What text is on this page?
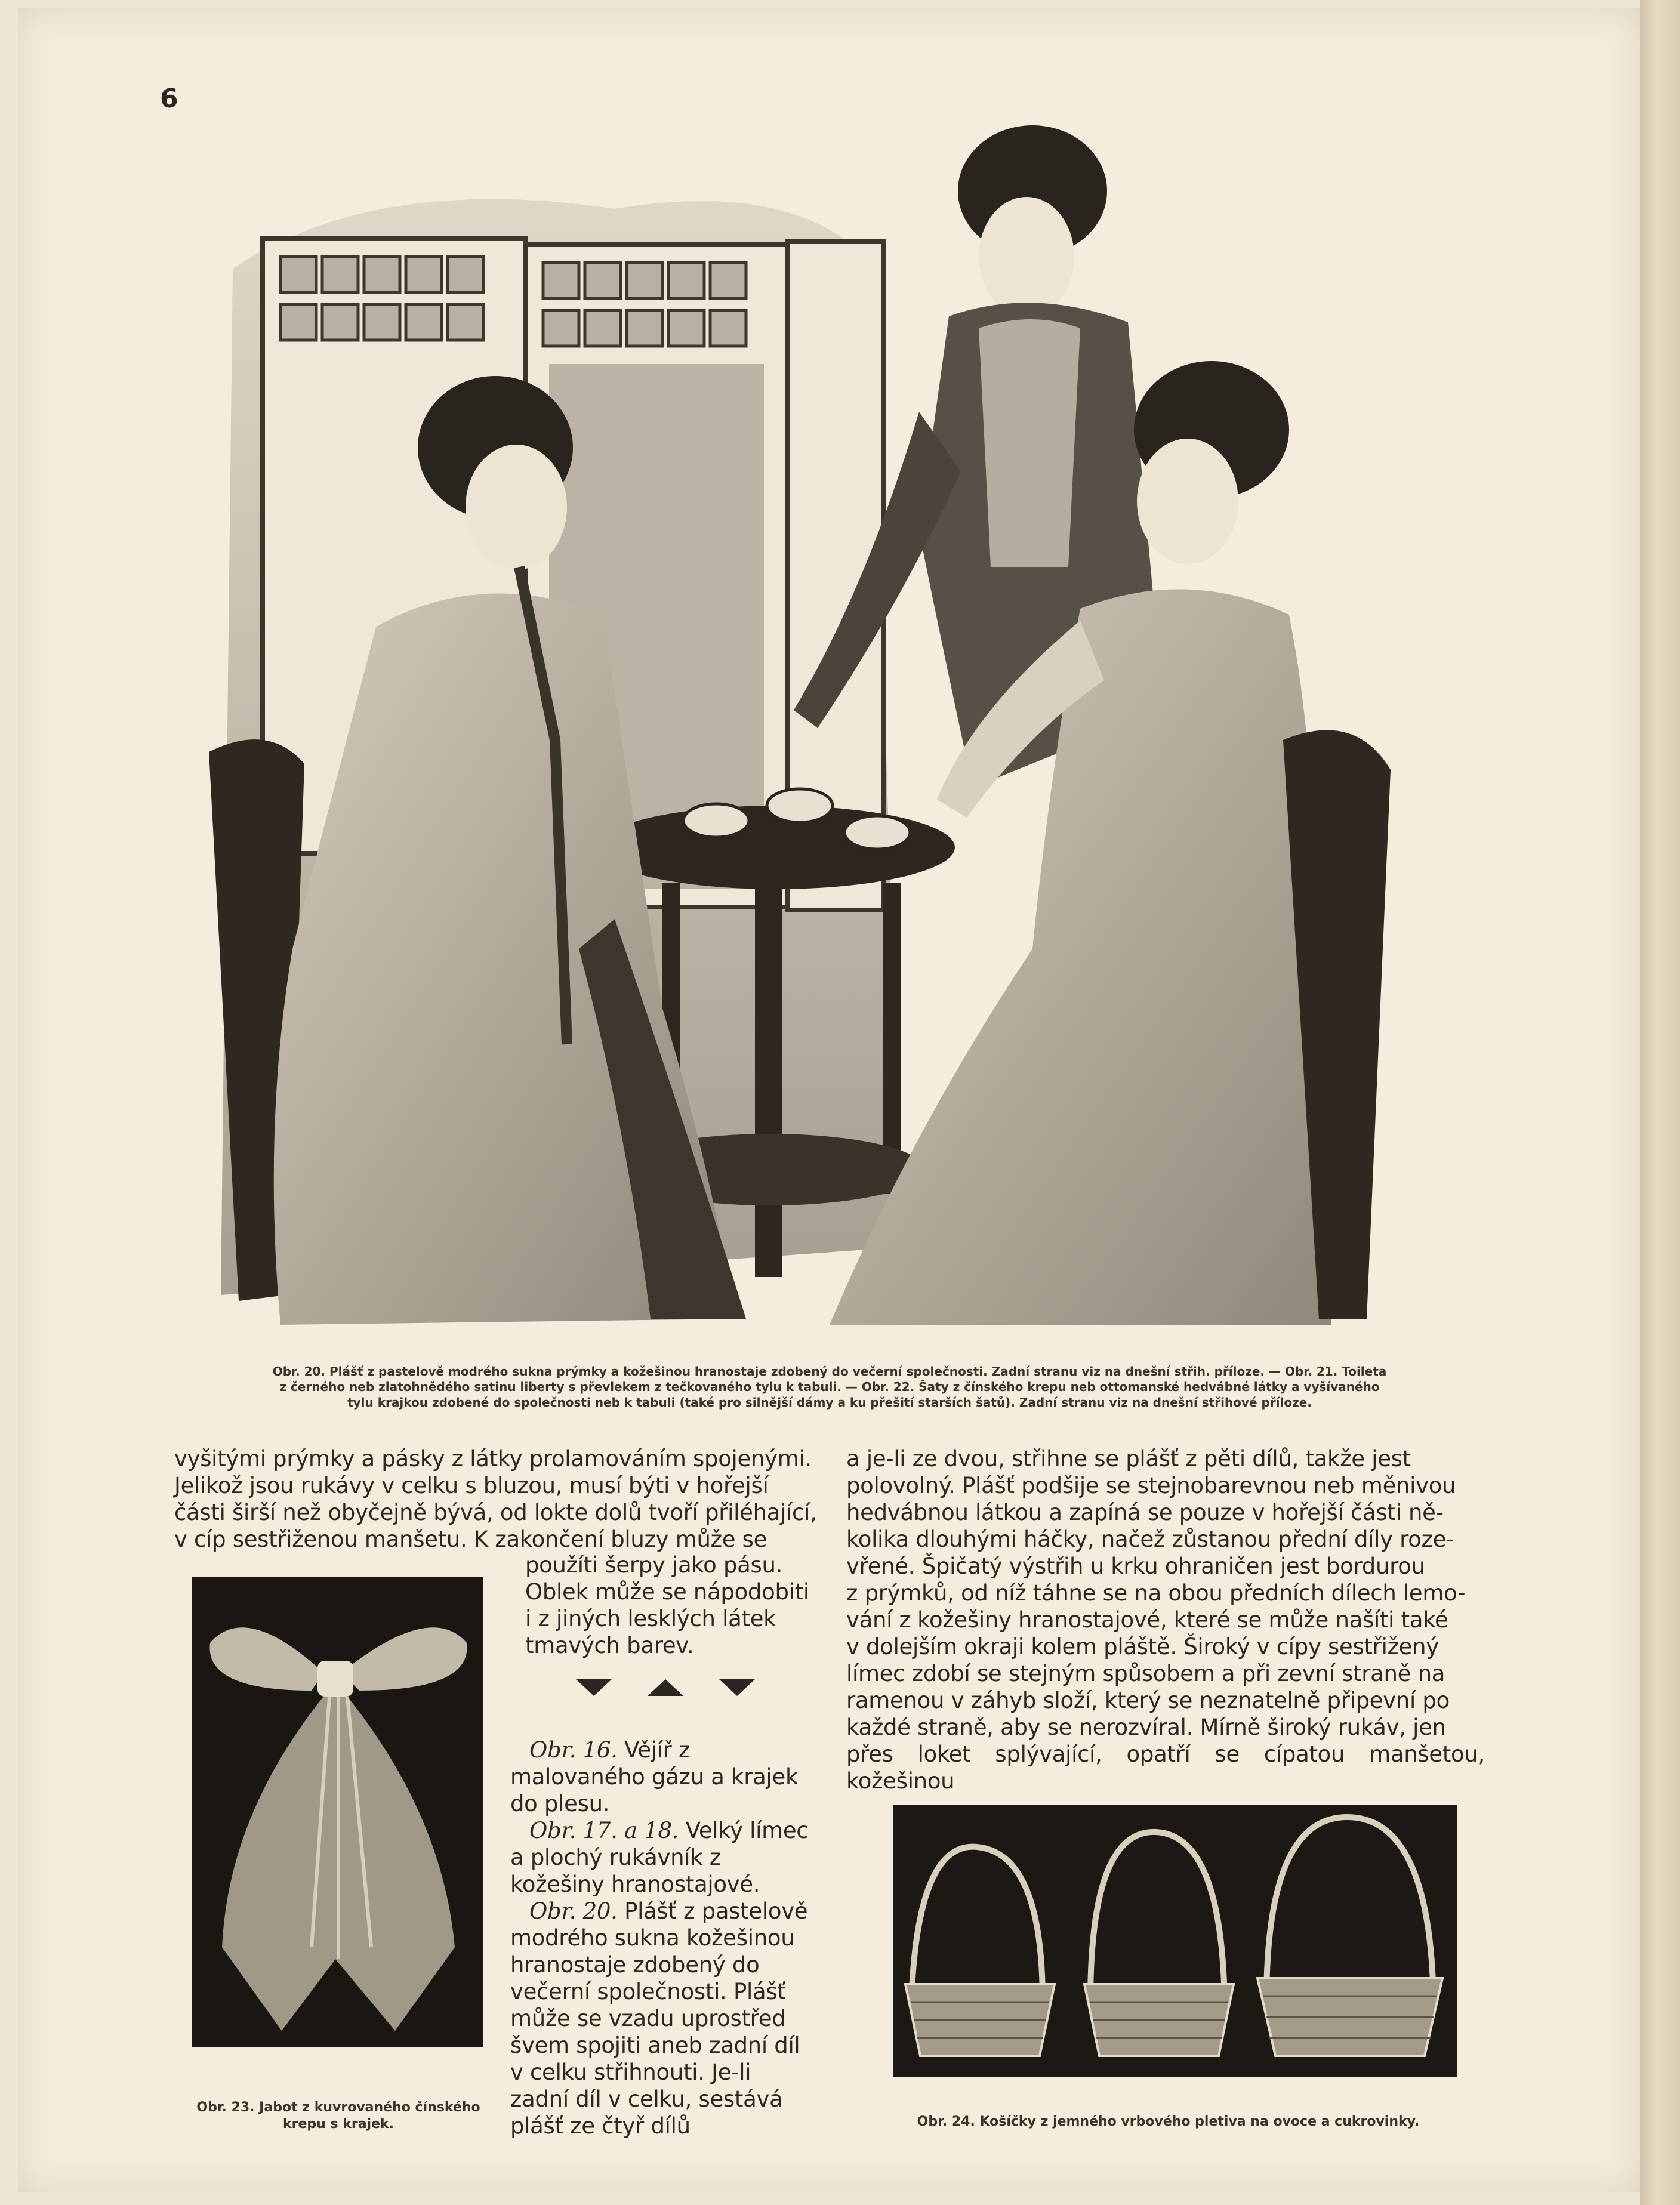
6
Obr. 20. Plášť z pastelově modrého sukna prýmky a kožešinou hranostaje zdobený do večerní společnosti. Zadní stranu viz na dnešní střih. příloze. — Obr. 21. Toileta
z černého neb zlatohnědého satinu liberty s převlekem z tečkovaného tylu k tabuli. — Obr. 22. Šaty z čínského krepu neb ottomanské hedvábné látky a vyšívaného
tylu krajkou zdobené do společnosti neb k tabuli (také pro silnější dámy a ku přešití starších šatů). Zadní stranu viz na dnešní střihové příloze.
vyšitými prýmky a pásky z látky prolamováním spojenými.
Jelikož jsou rukávy v celku s bluzou, musí býti v hořejší
části širší než obyčejně bývá, od lokte dolů tvoří přiléhající,
v cíp sestřiženou manšetu. K zakončení bluzy může se
použíti šerpy jako pásu.
Oblek může se nápodobiti
i z jiných lesklých látek
tmavých barev.

Obr. 16. Vějíř z malovaného gázu a krajek do plesu.

Obr. 17. a 18. Velký límec a plochý rukávník z kožešiny hranostajové.

Obr. 20. Plášť z pastelově modrého sukna kožešinou hranostaje zdobený do večerní společnosti. Plášť může se vzadu uprostřed švem spojiti aneb zadní díl v celku střihnouti. Je-li zadní díl v celku, sestává plášť ze čtyř dílů

Obr. 23. Jabot z kuvrovaného čínského
krepu s krajek.
a je-li ze dvou, střihne se plášť z pěti dílů, takže jest
polovolný. Plášť podšije se stejnobarevnou neb měnivou
hedvábnou látkou a zapíná se pouze v hořejší části ně-
kolika dlouhými háčky, načež zůstanou přední díly roze-
vřené. Špičatý výstřih u krku ohraničen jest bordurou
z prýmků, od níž táhne se na obou předních dílech lemo-
vání z kožešiny hranostajové, které se může našíti také
v dolejším okraji kolem pláště. Široký v cípy sestřižený
límec zdobí se stejným spůsobem a při zevní straně na
ramenou v záhyb složí, který se neznatelně připevní po
každé straně, aby se nerozvíral. Mírně široký rukáv, jen
přes loket splývající, opatří se cípatou manšetou, kožešinou
Obr. 24. Košíčky z jemného vrbového pletiva na ovoce a cukrovinky.
